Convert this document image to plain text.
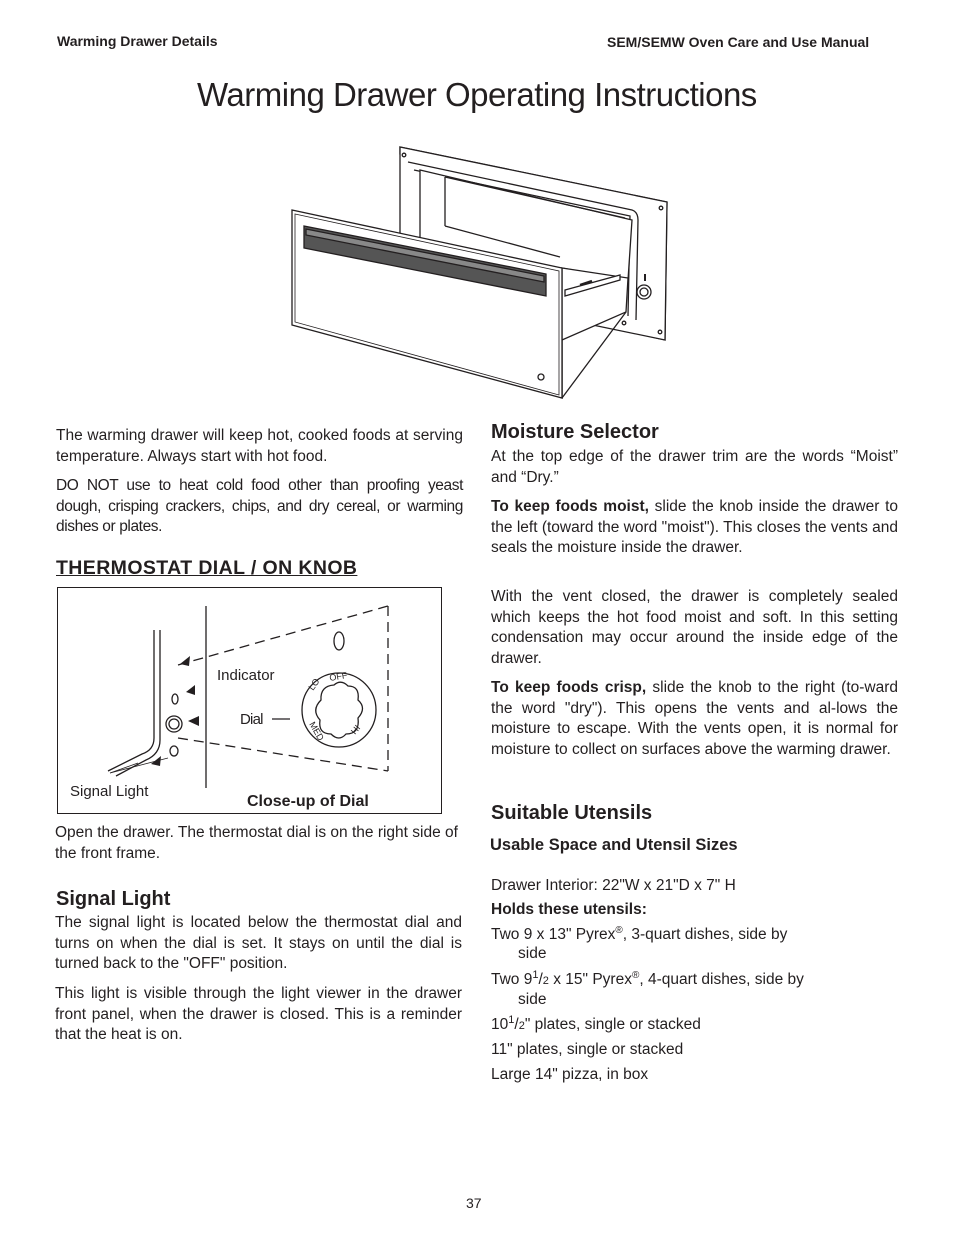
Warming Drawer Details	SEM/SEMW Oven Care and Use Manual
Warming Drawer Operating Instructions

The warming drawer will keep hot, cooked foods at serving temperature. Always start with hot food.

DO NOT use to heat cold food other than proofing yeast dough, crisping crackers, chips, and dry cereal, or warming dishes or plates.

THERMOSTAT DIAL / ON KNOB
LO
OFF
MED	HI
Indicator
Dial
Signal Light
Close-up of Dial

Open the drawer. The thermostat dial is on the right side of the front frame.

Signal Light

The signal light is located below the thermostat dial and turns on when the dial is set. It stays on until the dial is turned back to the "OFF" position.

This light is visible through the light viewer in the drawer front panel, when the drawer is closed. This is a reminder that the heat is on.

Moisture Selector

At the top edge of the drawer trim are the words “Moist” and “Dry.”

To keep foods moist, slide the knob inside the drawer to the left (toward the word "moist"). This closes the vents and seals the moisture inside the drawer.

With the vent closed, the drawer is completely sealed which keeps the hot food moist and soft. In this setting condensation may occur around the inside edge of the drawer.

To keep foods crisp, slide the knob to the right (to-ward the word "dry"). This opens the vents and al-lows the moisture to escape. With the vents open, it is normal for moisture to collect on surfaces above the warming drawer.

Suitable Utensils
Usable Space and Utensil Sizes
Drawer Interior: 22"W x 21"D x 7" H
Holds these utensils:
Two 9 x 13" Pyrex®, 3-quart dishes, side by
side
Two $9^1/2$ x 15" Pyrex®, 4-quart dishes, side by
side
$10^1/2$" plates, single or stacked
11" plates, single or stacked
Large 14" pizza, in box
37
